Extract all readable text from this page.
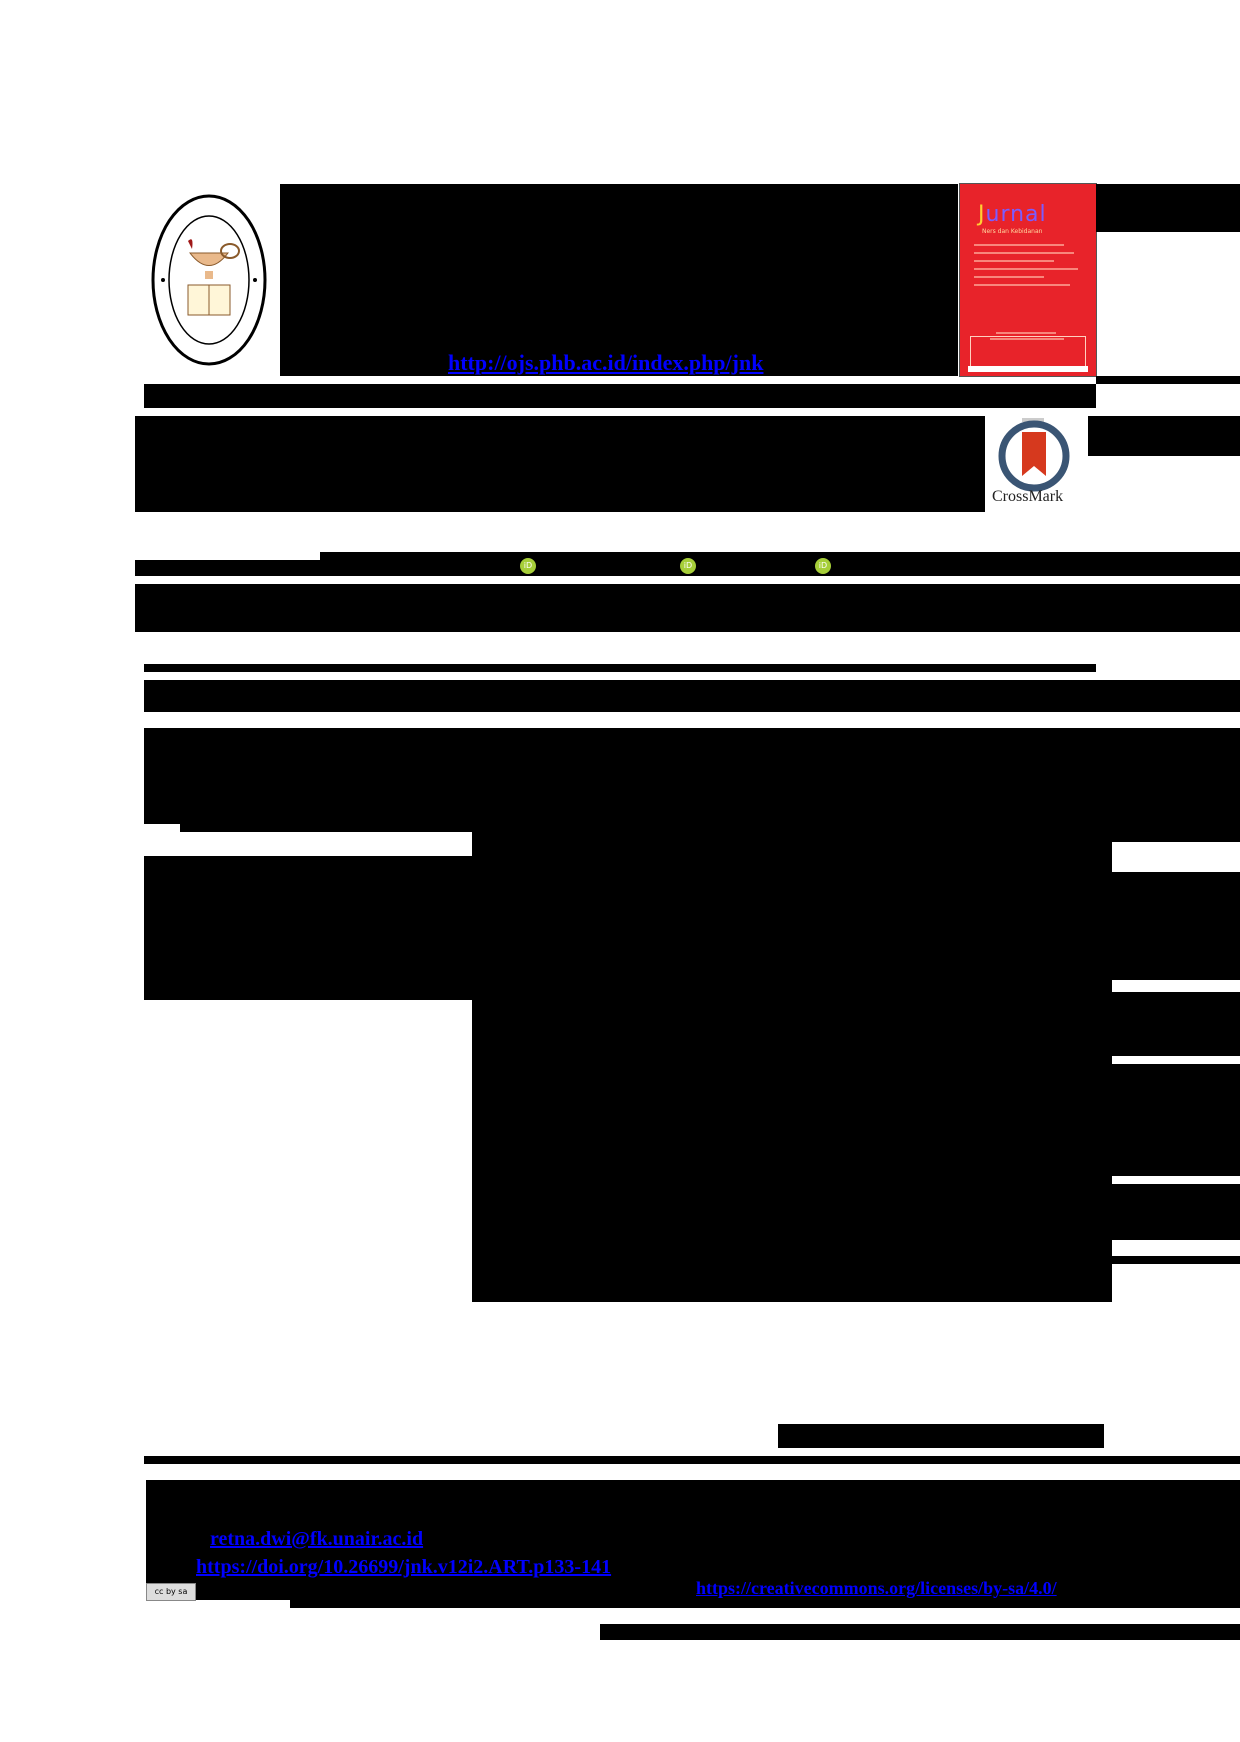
http://ojs.phb.ac.id/index.php/jnk
Jurnal
Ners dan Kebidanan
CrossMark
iD	iD	iD
retna.dwi@fk.unair.ac.id
https://doi.org/10.26699/jnk.v12i2.ART.p133-141
cc by sa	https://creativecommons.org/licenses/by-sa/4.0/
